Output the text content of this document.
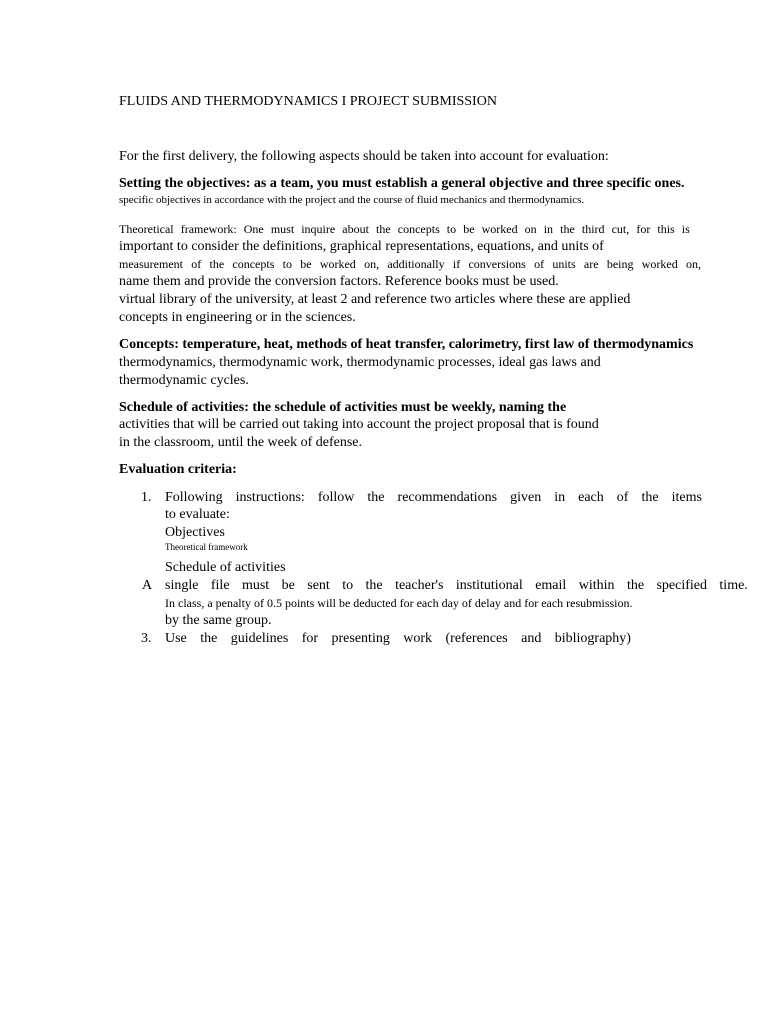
FLUIDS AND THERMODYNAMICS I PROJECT SUBMISSION
For the first delivery, the following aspects should be taken into account for evaluation:
Setting the objectives: as a team, you must establish a general objective and three specific ones.
specific objectives in accordance with the project and the course of fluid mechanics and thermodynamics.
Theoretical framework: One must inquire about the concepts to be worked on in the third cut, for this is
important to consider the definitions, graphical representations, equations, and units of
measurement of the concepts to be worked on, additionally if conversions of units are being worked on,
name them and provide the conversion factors. Reference books must be used.
virtual library of the university, at least 2 and reference two articles where these are applied
concepts in engineering or in the sciences.
Concepts: temperature, heat, methods of heat transfer, calorimetry, first law of thermodynamics
thermodynamics, thermodynamic work, thermodynamic processes, ideal gas laws and
thermodynamic cycles.
Schedule of activities: the schedule of activities must be weekly, naming the
activities that will be carried out taking into account the project proposal that is found
in the classroom, until the week of defense.
Evaluation criteria:
1. Following instructions: follow the recommendations given in each of the items
to evaluate:
Objectives
Theoretical framework
Schedule of activities
A single file must be sent to the teacher's institutional email within the specified time.
In class, a penalty of 0.5 points will be deducted for each day of delay and for each resubmission.
by the same group.
3. Use the guidelines for presenting work (references and bibliography)
